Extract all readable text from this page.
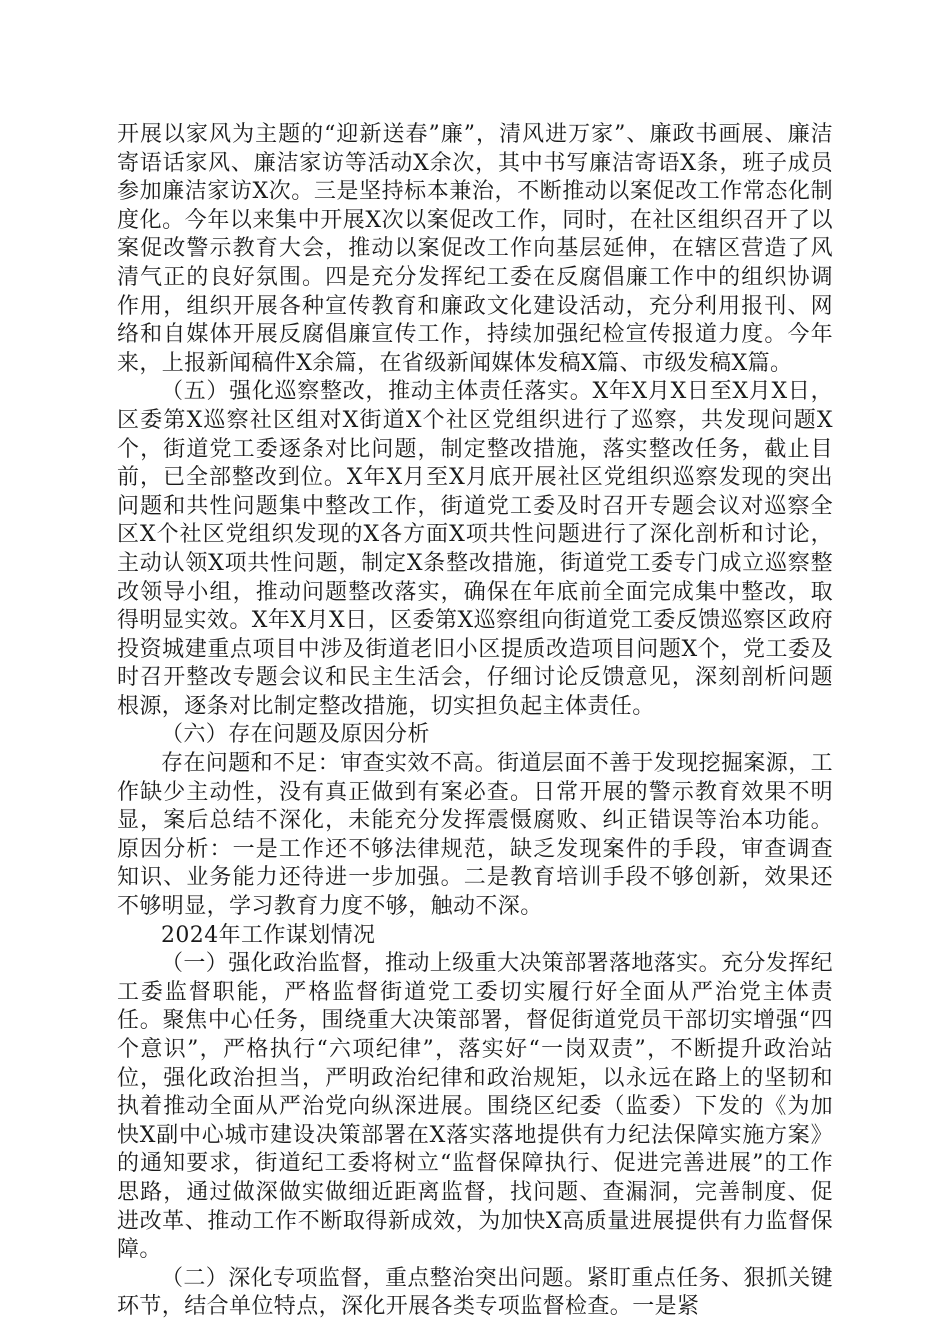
开展以家风为主题的“迎新送春”廉”，清风进万家”、廉政书画展、廉洁寄语话家风、廉洁家访等活动X余次，其中书写廉洁寄语X条，班子成员参加廉洁家访X次。三是坚持标本兼治，不断推动以案促改工作常态化制度化。今年以来集中开展X次以案促改工作，同时，在社区组织召开了以案促改警示教育大会，推动以案促改工作向基层延伸，在辖区营造了风清气正的良好氛围。四是充分发挥纪工委在反腐倡廉工作中的组织协调作用，组织开展各种宣传教育和廉政文化建设活动，充分利用报刊、网络和自媒体开展反腐倡廉宣传工作，持续加强纪检宣传报道力度。今年来，上报新闻稿件X余篇，在省级新闻媒体发稿X篇、市级发稿X篇。

（五）强化巡察整改，推动主体责任落实。X年X月X日至X月X日，区委第X巡察社区组对X街道X个社区党组织进行了巡察，共发现问题X个，街道党工委逐条对比问题，制定整改措施，落实整改任务，截止目前，已全部整改到位。X年X月至X月底开展社区党组织巡察发现的突出问题和共性问题集中整改工作，街道党工委及时召开专题会议对巡察全区X个社区党组织发现的X各方面X项共性问题进行了深化剖析和讨论，主动认领X项共性问题，制定X条整改措施，街道党工委专门成立巡察整改领导小组，推动问题整改落实，确保在年底前全面完成集中整改，取得明显实效。X年X月X日，区委第X巡察组向街道党工委反馈巡察区政府投资城建重点项目中涉及街道老旧小区提质改造项目问题X个，党工委及时召开整改专题会议和民主生活会，仔细讨论反馈意见，深刻剖析问题根源，逐条对比制定整改措施，切实担负起主体责任。

（六）存在问题及原因分析

存在问题和不足：审查实效不高。街道层面不善于发现挖掘案源，工作缺少主动性，没有真正做到有案必查。日常开展的警示教育效果不明显，案后总结不深化，未能充分发挥震慑腐败、纠正错误等治本功能。原因分析：一是工作还不够法律规范，缺乏发现案件的手段，审查调查知识、业务能力还待进一步加强。二是教育培训手段不够创新，效果还不够明显，学习教育力度不够，触动不深。

2024年工作谋划情况

（一）强化政治监督，推动上级重大决策部署落地落实。充分发挥纪工委监督职能，严格监督街道党工委切实履行好全面从严治党主体责任。聚焦中心任务，围绕重大决策部署，督促街道党员干部切实增强“四个意识”，严格执行“六项纪律”，落实好“一岗双责”，不断提升政治站位，强化政治担当，严明政治纪律和政治规矩，以永远在路上的坚韧和执着推动全面从严治党向纵深进展。围绕区纪委（监委）下发的《为加快X副中心城市建设决策部署在X落实落地提供有力纪法保障实施方案》的通知要求，街道纪工委将树立“监督保障执行、促进完善进展”的工作思路，通过做深做实做细近距离监督，找问题、查漏洞，完善制度、促进改革、推动工作不断取得新成效，为加快X高质量进展提供有力监督保障。

（二）深化专项监督，重点整治突出问题。紧盯重点任务、狠抓关键环节，结合单位特点，深化开展各类专项监督检查。一是紧
